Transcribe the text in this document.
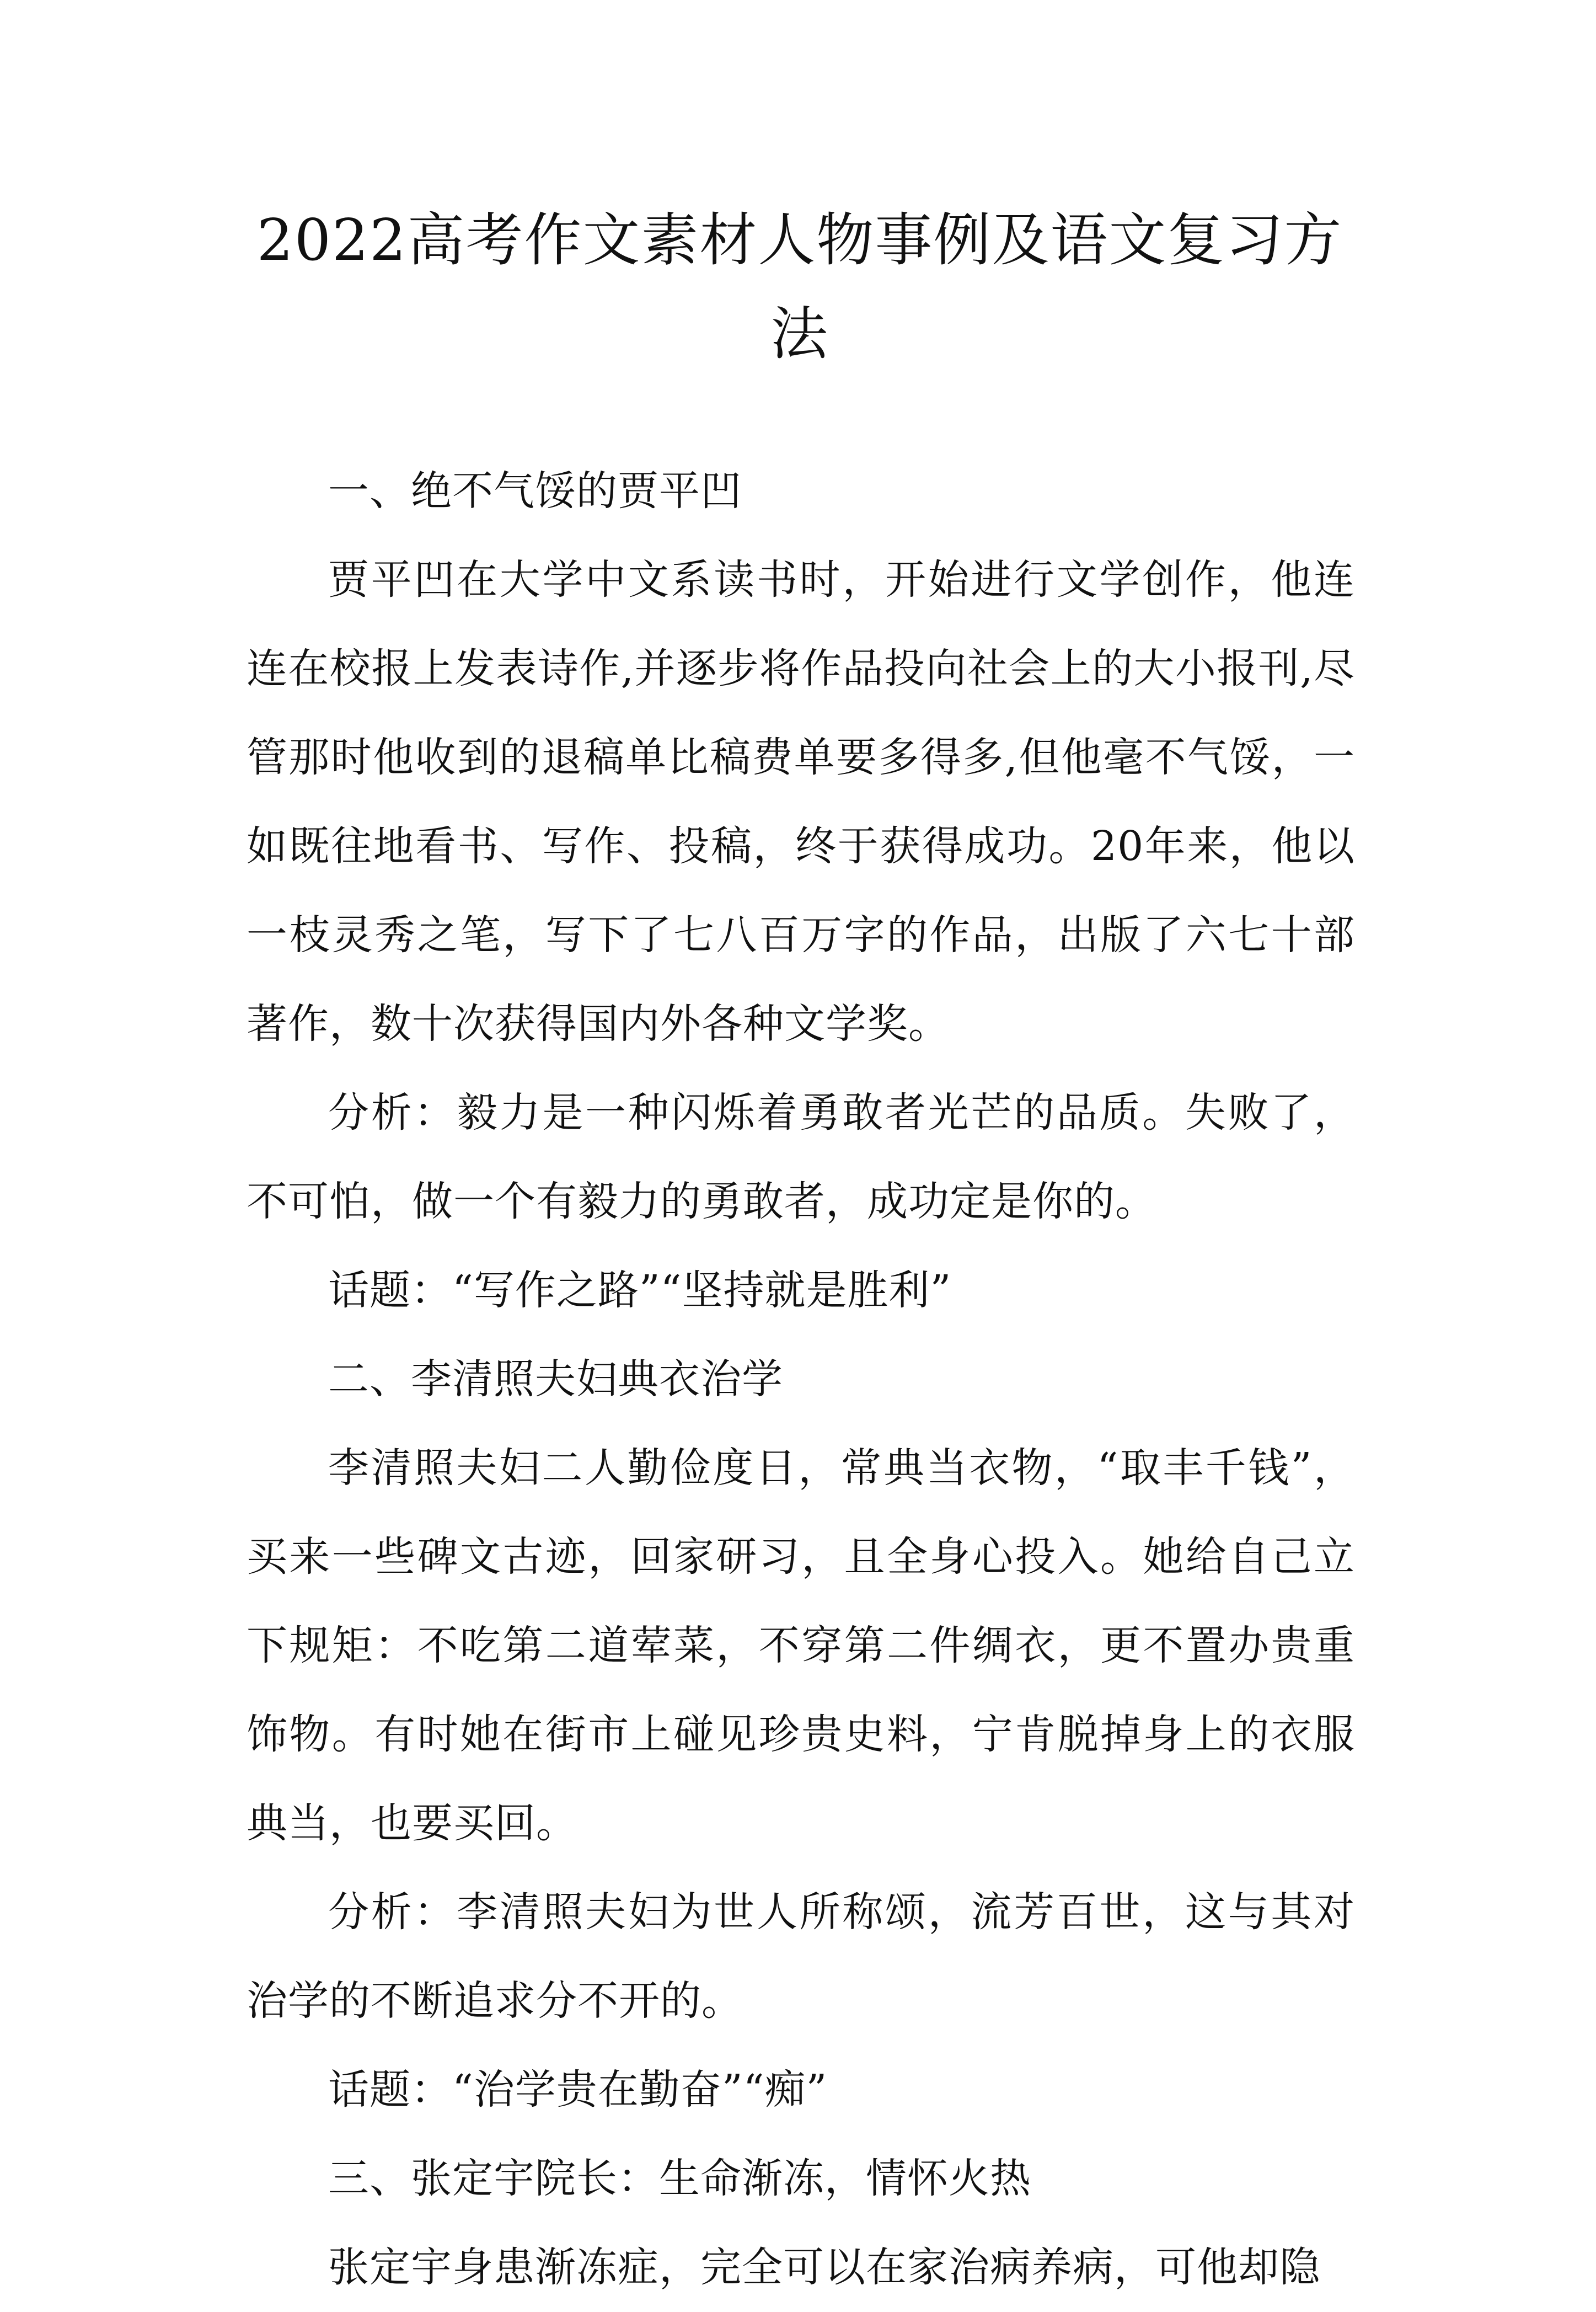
2022高考作文素材人物事例及语文复习方法

一、绝不气馁的贾平凹

贾平凹在大学中文系读书时，开始进行文学创作，他连连在校报上发表诗作,并逐步将作品投向社会上的大小报刊,尽管那时他收到的退稿单比稿费单要多得多,但他毫不气馁，一如既往地看书、写作、投稿，终于获得成功。20年来，他以一枝灵秀之笔，写下了七八百万字的作品，出版了六七十部著作，数十次获得国内外各种文学奖。

分析：毅力是一种闪烁着勇敢者光芒的品质。失败了，不可怕，做一个有毅力的勇敢者，成功定是你的。

话题：“写作之路”“坚持就是胜利”

二、李清照夫妇典衣治学

李清照夫妇二人勤俭度日，常典当衣物，“取丰千钱”，买来一些碑文古迹，回家研习，且全身心投入。她给自己立下规矩：不吃第二道荤菜，不穿第二件绸衣，更不置办贵重饰物。有时她在街市上碰见珍贵史料，宁肯脱掉身上的衣服典当，也要买回。

分析：李清照夫妇为世人所称颂，流芳百世，这与其对治学的不断追求分不开的。

话题：“治学贵在勤奋”“痴”

三、张定宇院长：生命渐冻，情怀火热

张定宇身患渐冻症，完全可以在家治病养病，可他却隐
